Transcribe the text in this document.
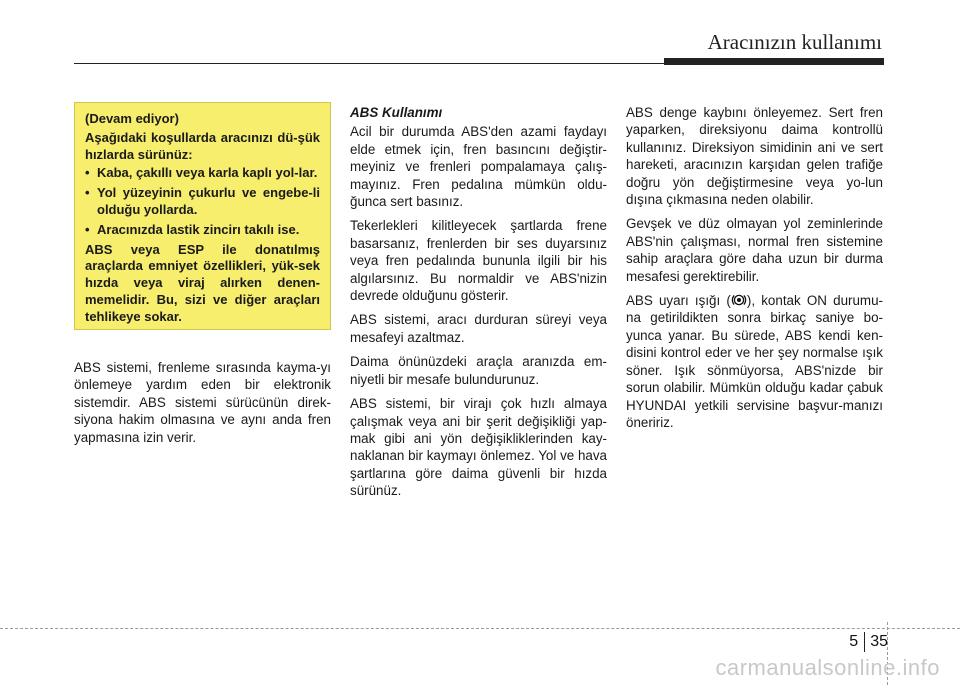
Aracınızın kullanımı

(Devam ediyor)

Aşağıdaki koşullarda aracınızı dü-şük hızlarda sürünüz:

• Kaba, çakıllı veya karla kaplı yol-lar.
• Yol yüzeyinin çukurlu ve engebe-li olduğu yollarda.
• Aracınızda lastik zincirı takılı ise.

ABS veya ESP ile donatılmış araçlarda emniyet özellikleri, yük-sek hızda veya viraj alırken denen-memelidir. Bu, sizi ve diğer araçları tehlikeye sokar.

ABS sistemi, frenleme sırasında kayma-yı önlemeye yardım eden bir elektronik sistemdir. ABS sistemi sürücünün direk-siyona hakim olmasına ve aynı anda fren yapmasına izin verir.

ABS Kullanımı

Acil bir durumda ABS'den azami faydayı elde etmek için, fren basıncını değiştir-meyiniz ve frenleri pompalamaya çalış-mayınız. Fren pedalına mümkün oldu-ğunca sert basınız.

Tekerlekleri kilitleyecek şartlarda frene basarsanız, frenlerden bir ses duyarsınız veya fren pedalında bununla ilgili bir his algılarsınız. Bu normaldir ve ABS'nizin devrede olduğunu gösterir.

ABS sistemi, aracı durduran süreyi veya mesafeyi azaltmaz.

Daima önünüzdeki araçla aranızda em-niyetli bir mesafe bulundurunuz.

ABS sistemi, bir virajı çok hızlı almaya çalışmak veya ani bir şerit değişikliği yap-mak gibi ani yön değişikliklerinden kay-naklanan bir kaymayı önlemez. Yol ve hava şartlarına göre daima güvenli bir hızda sürünüz.

ABS denge kaybını önleyemez. Sert fren yaparken, direksiyonu daima kontrollü kullanınız. Direksiyon simidinin ani ve sert hareketi, aracınızın karşıdan gelen trafiğe doğru yön değiştirmesine veya yo-lun dışına çıkmasına neden olabilir.

Gevşek ve düz olmayan yol zeminlerinde ABS'nin çalışması, normal fren sistemine sahip araçlara göre daha uzun bir durma mesafesi gerektirebilir.

ABS uyarı ışığı ( ), kontak ON durumu-na getirildikten sonra birkaç saniye bo-yunca yanar. Bu sürede, ABS kendi ken-disini kontrol eder ve her şey normalse ışık söner. Işık sönmüyorsa, ABS'nizde bir sorun olabilir. Mümkün olduğu kadar çabuk HYUNDAI yetkili servisine başvur-manızı öneririz.

5 35
carmanualsonline.info
